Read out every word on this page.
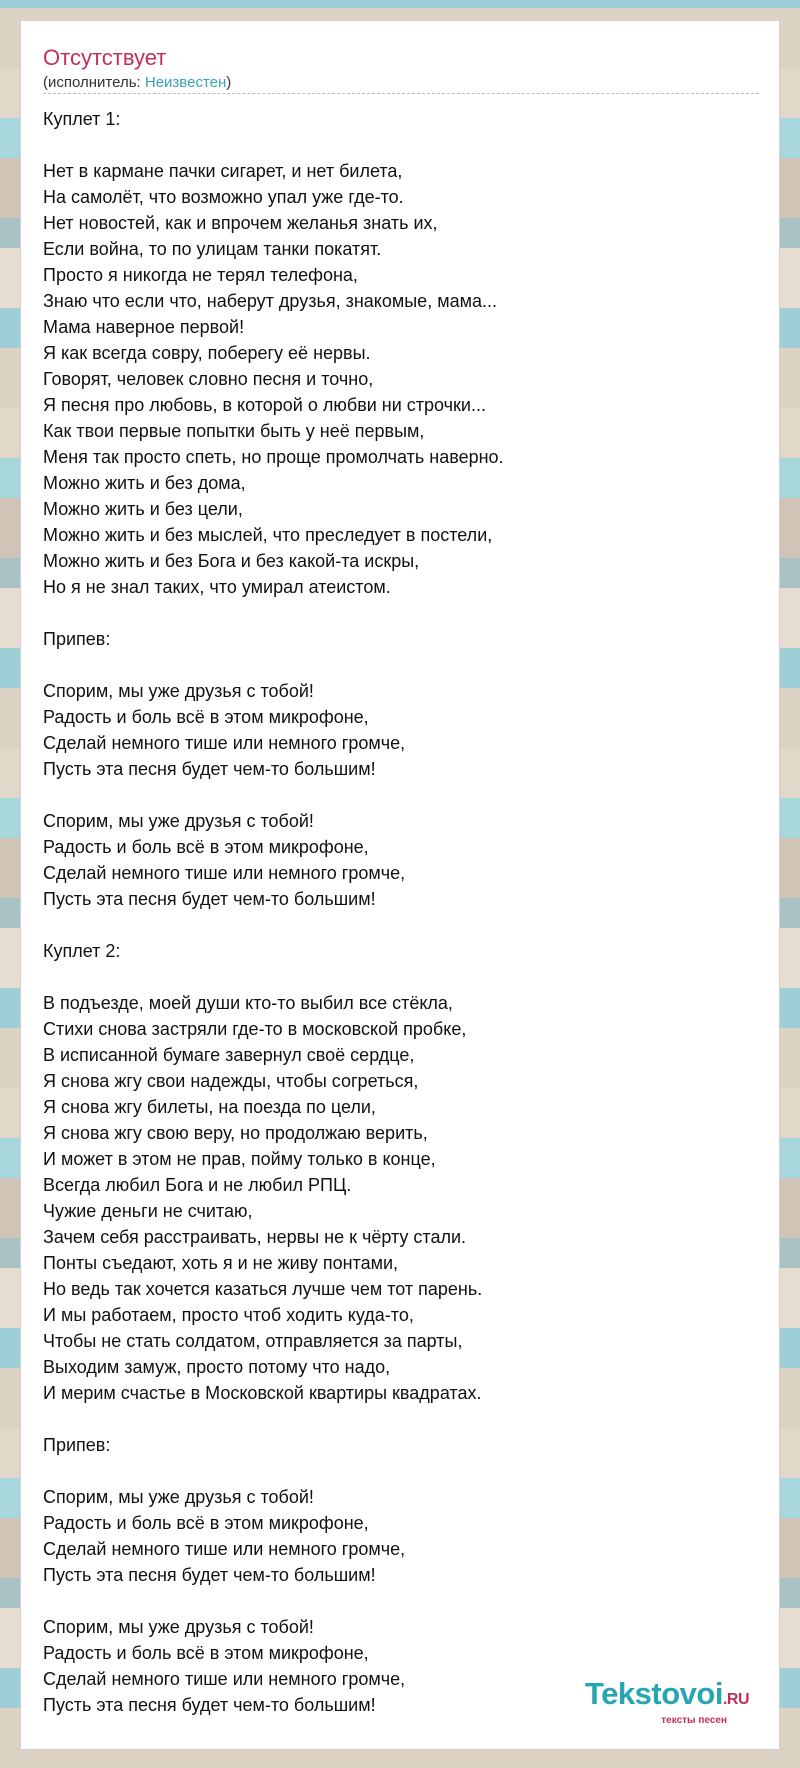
Отсутствует
(исполнитель: Неизвестен)
Куплет 1:

Нет в кармане пачки сигарет, и нет билета,
На самолёт, что возможно упал уже где-то.
Нет новостей, как и впрочем желанья знать их,
Если война, то по улицам танки покатят.
Просто я никогда не терял телефона,
Знаю что если что, наберут друзья, знакомые, мама...
Мама наверное первой!
Я как всегда совру, поберегу её нервы.
Говорят, человек словно песня и точно,
Я песня про любовь, в которой о любви ни строчки...
Как твои первые попытки быть у неё первым,
Меня так просто спеть, но проще промолчать наверно.
Можно жить и без дома,
Можно жить и без цели,
Можно жить и без мыслей, что преследует в постели,
Можно жить и без Бога и без какой-та искры,
Но я не знал таких, что умирал атеистом.

Припев:

Спорим, мы уже друзья с тобой!
Радость и боль всё в этом микрофоне,
Сделай немного тише или немного громче,
Пусть эта песня будет чем-то большим!

Спорим, мы уже друзья с тобой!
Радость и боль всё в этом микрофоне,
Сделай немного тише или немного громче,
Пусть эта песня будет чем-то большим!

Куплет 2:

В подъезде, моей души кто-то выбил все стёкла,
Стихи снова застряли где-то в московской пробке,
В исписанной бумаге завернул своё сердце,
Я снова жгу свои надежды, чтобы согреться,
Я снова жгу билеты, на поезда по цели,
Я снова жгу свою веру, но продолжаю верить,
И может в этом не прав, пойму только в конце,
Всегда любил Бога и не любил РПЦ.
Чужие деньги не считаю,
Зачем себя расстраивать, нервы не к чёрту стали.
Понты съедают, хоть я и не живу понтами,
Но ведь так хочется казаться лучше чем тот парень.
И мы работаем, просто чтоб ходить куда-то,
Чтобы не стать солдатом, отправляется за парты,
Выходим замуж, просто потому что надо,
И мерим счастье в Московской квартиры квадратах.

Припев:

Спорим, мы уже друзья с тобой!
Радость и боль всё в этом микрофоне,
Сделай немного тише или немного громче,
Пусть эта песня будет чем-то большим!

Спорим, мы уже друзья с тобой!
Радость и боль всё в этом микрофоне,
Сделай немного тише или немного громче,
Пусть эта песня будет чем-то большим!	Tekstovoi.RU
тексты песен
